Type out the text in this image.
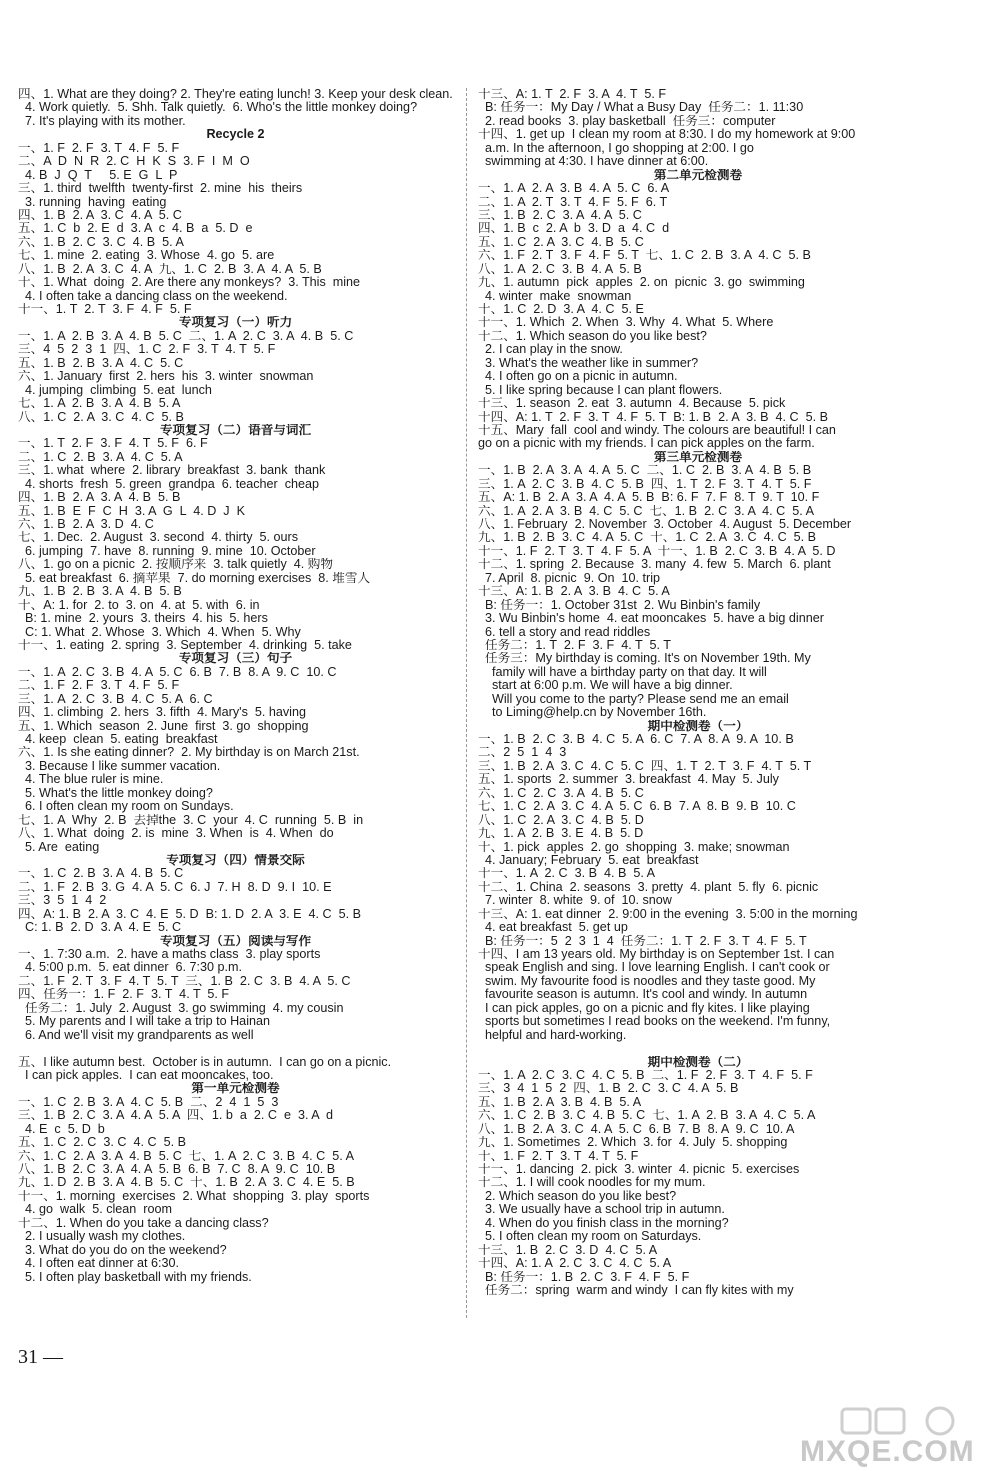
四、1. What are they doing? 2. They're eating lunch! 3. Keep your desk clean.
4. Work quietly.  5. Shh. Talk quietly.  6. Who's the little monkey doing?
7. It's playing with its mother.
Recycle 2
一、1. F  2. F  3. T  4. F  5. F
二、A  D  N  R  2. C  H  K  S  3. F  I  M  O
4. B  J  Q  T     5. E  G  L  P
三、1. third  twelfth  twenty-first  2. mine  his  theirs
3. running  having  eating
四、1. B  2. A  3. C  4. A  5. C
五、1. C  b  2. E  d  3. A  c  4. B  a  5. D  e
六、1. B  2. C  3. C  4. B  5. A
七、1. mine  2. eating  3. Whose  4. go  5. are
八、1. B  2. A  3. C  4. A  九、1. C  2. B  3. A  4. A  5. B
十、1. What  doing  2. Are there any monkeys?  3. This  mine
4. I often take a dancing class on the weekend.
十一、1. T  2. T  3. F  4. F  5. F
专项复习（一）听力
一、1. A  2. B  3. A  4. B  5. C  二、1. A  2. C  3. A  4. B  5. C
三、4  5  2  3  1  四、1. C  2. F  3. T  4. T  5. F
五、1. B  2. B  3. A  4. C  5. C
六、1. January  first  2. hers  his  3. winter  snowman
4. jumping  climbing  5. eat  lunch
七、1. A  2. B  3. A  4. B  5. A
八、1. C  2. A  3. C  4. C  5. B
专项复习（二）语音与词汇
一、1. T  2. F  3. F  4. T  5. F  6. F
二、1. C  2. B  3. A  4. C  5. A
三、1. what  where  2. library  breakfast  3. bank  thank
4. shorts  fresh  5. green  grandpa  6. teacher  cheap
四、1. B  2. A  3. A  4. B  5. B
五、1. B  E  F  C  H  3. A  G  L  4. D  J  K
六、1. B  2. A  3. D  4. C
七、1. Dec.  2. August  3. second  4. thirty  5. ours
6. jumping  7. have  8. running  9. mine  10. October
八、1. go on a picnic  2. 按顺序来  3. talk quietly  4. 购物
5. eat breakfast  6. 摘苹果  7. do morning exercises  8. 堆雪人
九、1. B  2. B  3. A  4. B  5. B
十、A: 1. for  2. to  3. on  4. at  5. with  6. in
B: 1. mine  2. yours  3. theirs  4. his  5. hers
C: 1. What  2. Whose  3. Which  4. When  5. Why
十一、1. eating  2. spring  3. September  4. drinking  5. take
专项复习（三）句子
一、1. A  2. C  3. B  4. A  5. C  6. B  7. B  8. A  9. C  10. C
二、1. F  2. F  3. T  4. F  5. F
三、1. A  2. C  3. B  4. C  5. A  6. C
四、1. climbing  2. hers  3. fifth  4. Mary's  5. having
五、1. Which  season  2. June  first  3. go  shopping
4. keep  clean  5. eating  breakfast
六、1. Is she eating dinner?  2. My birthday is on March 21st.
3. Because I like summer vacation.
4. The blue ruler is mine.
5. What's the little monkey doing?
6. I often clean my room on Sundays.
七、1. A  Why  2. B  去掉the  3. C  your  4. C  running  5. B  in
八、1. What  doing  2. is  mine  3. When  is  4. When  do
5. Are  eating
专项复习（四）情景交际
一、1. C  2. B  3. A  4. B  5. C
二、1. F  2. B  3. G  4. A  5. C  6. J  7. H  8. D  9. I  10. E
三、3  5  1  4  2
四、A: 1. B  2. A  3. C  4. E  5. D  B: 1. D  2. A  3. E  4. C  5. B
C: 1. B  2. D  3. A  4. E  5. C
专项复习（五）阅读与写作
一、1. 7:30 a.m.  2. have a maths class  3. play sports
4. 5:00 p.m.  5. eat dinner  6. 7:30 p.m.
二、1. F  2. T  3. F  4. T  5. T  三、1. B  2. C  3. B  4. A  5. C
四、任务一：1. F  2. F  3. T  4. T  5. F
任务二：1. July  2. August  3. go swimming  4. my cousin
5. My parents and I will take a trip to Hainan
6. And we'll visit my grandparents as well
五、I like autumn best.  October is in autumn.  I can go on a picnic.
I can pick apples.  I can eat mooncakes, too.
第一单元检测卷
一、1. C  2. B  3. A  4. C  5. B  二、2  4  1  5  3
三、1. B  2. C  3. A  4. A  5. A  四、1. b  a  2. C  e  3. A  d
4. E  c  5. D  b
五、1. C  2. C  3. C  4. C  5. B
六、1. C  2. A  3. A  4. B  5. C  七、1. A  2. C  3. B  4. C  5. A
八、1. B  2. C  3. A  4. A  5. B  6. B  7. C  8. A  9. C  10. B
九、1. D  2. B  3. A  4. B  5. C  十、1. B  2. A  3. C  4. E  5. B
十一、1. morning  exercises  2. What  shopping  3. play  sports
4. go  walk  5. clean  room
十二、1. When do you take a dancing class?
2. I usually wash my clothes.
3. What do you do on the weekend?
4. I often eat dinner at 6:30.
5. I often play basketball with my friends.
十三、A: 1. T  2. F  3. A  4. T  5. F
B: 任务一：My Day / What a Busy Day  任务二：1. 11:30
2. read books  3. play basketball  任务三：computer
十四、1. get up  I clean my room at 8:30. I do my homework at 9:00
a.m. In the afternoon, I go shopping at 2:00. I go
swimming at 4:30. I have dinner at 6:00.
第二单元检测卷
一、1. A  2. A  3. B  4. A  5. C  6. A
二、1. A  2. T  3. T  4. F  5. F  6. T
三、1. B  2. C  3. A  4. A  5. C
四、1. B  c  2. A  b  3. D  a  4. C  d
五、1. C  2. A  3. C  4. B  5. C
六、1. F  2. T  3. F  4. F  5. T  七、1. C  2. B  3. A  4. C  5. B
八、1. A  2. C  3. B  4. A  5. B
九、1. autumn  pick  apples  2. on  picnic  3. go  swimming
4. winter  make  snowman
十、1. C  2. D  3. A  4. C  5. E
十一、1. Which  2. When  3. Why  4. What  5. Where
十二、1. Which season do you like best?
2. I can play in the snow.
3. What's the weather like in summer?
4. I often go on a picnic in autumn.
5. I like spring because I can plant flowers.
十三、1. season  2. eat  3. autumn  4. Because  5. pick
十四、A: 1. T  2. F  3. T  4. F  5. T  B: 1. B  2. A  3. B  4. C  5. B
十五、Mary  fall  cool and windy. The colours are beautiful! I can
go on a picnic with my friends. I can pick apples on the farm.
第三单元检测卷
一、1. B  2. A  3. A  4. A  5. C  二、1. C  2. B  3. A  4. B  5. B
三、1. A  2. C  3. B  4. C  5. B  四、1. T  2. F  3. T  4. T  5. F
五、A: 1. B  2. A  3. A  4. A  5. B  B: 6. F  7. F  8. T  9. T  10. F
六、1. A  2. A  3. B  4. C  5. C  七、1. B  2. C  3. A  4. C  5. A
八、1. February  2. November  3. October  4. August  5. December
九、1. B  2. B  3. C  4. A  5. C  十、1. C  2. A  3. C  4. C  5. B
十一、1. F  2. T  3. T  4. F  5. A  十一、1. B  2. C  3. B  4. A  5. D
十二、1. spring  2. Because  3. many  4. few  5. March  6. plant
7. April  8. picnic  9. On  10. trip
十三、A: 1. B  2. A  3. B  4. C  5. A
B: 任务一：1. October 31st  2. Wu Binbin's family
3. Wu Binbin's home  4. eat mooncakes  5. have a big dinner
6. tell a story and read riddles
任务二：1. T  2. F  3. F  4. T  5. T
任务三：My birthday is coming. It's on November 19th. My
family will have a birthday party on that day. It will
start at 6:00 p.m. We will have a big dinner.
Will you come to the party? Please send me an email
to Liming@help.cn by November 16th.
期中检测卷（一）
一、1. B  2. C  3. B  4. C  5. A  6. C  7. A  8. A  9. A  10. B
二、2  5  1  4  3
三、1. B  2. A  3. C  4. C  5. C  四、1. T  2. T  3. F  4. T  5. T
五、1. sports  2. summer  3. breakfast  4. May  5. July
六、1. C  2. C  3. A  4. B  5. C
七、1. C  2. A  3. C  4. A  5. C  6. B  7. A  8. B  9. B  10. C
八、1. C  2. A  3. C  4. B  5. D
九、1. A  2. B  3. E  4. B  5. D
十、1. pick  apples  2. go  shopping  3. make; snowman
4. January; February  5. eat  breakfast
十一、1. A  2. C  3. B  4. B  5. A
十二、1. China  2. seasons  3. pretty  4. plant  5. fly  6. picnic
7. winter  8. white  9. of  10. snow
十三、A: 1. eat dinner  2. 9:00 in the evening  3. 5:00 in the morning
4. eat breakfast  5. get up
B: 任务一：5  2  3  1  4  任务二：1. T  2. F  3. T  4. F  5. T
十四、I am 13 years old. My birthday is on September 1st. I can
speak English and sing. I love learning English. I can't cook or
swim. My favourite food is noodles and they taste good. My
favourite season is autumn. It's cool and windy. In autumn
I can pick apples, go on a picnic and fly kites. I like playing
sports but sometimes I read books on the weekend. I'm funny,
helpful and hard-working.
期中检测卷（二）
一、1. A  2. C  3. C  4. C  5. B  二、1. F  2. F  3. T  4. F  5. F
三、3  4  1  5  2  四、1. B  2. C  3. C  4. A  5. B
五、1. B  2. A  3. B  4. B  5. A
六、1. C  2. B  3. C  4. B  5. C  七、1. A  2. B  3. A  4. C  5. A
八、1. B  2. A  3. C  4. A  5. C  6. B  7. B  8. A  9. C  10. A
九、1. Sometimes  2. Which  3. for  4. July  5. shopping
十、1. F  2. T  3. T  4. T  5. F
十一、1. dancing  2. pick  3. winter  4. picnic  5. exercises
十二、1. I will cook noodles for my mum.
2. Which season do you like best?
3. We usually have a school trip in autumn.
4. When do you finish class in the morning?
5. I often clean my room on Saturdays.
十三、1. B  2. C  3. D  4. C  5. A
十四、A: 1. A  2. C  3. C  4. C  5. A
B: 任务一：1. B  2. C  3. F  4. F  5. F
任务二：spring  warm and windy  I can fly kites with my
31 —
MXQE.COM
